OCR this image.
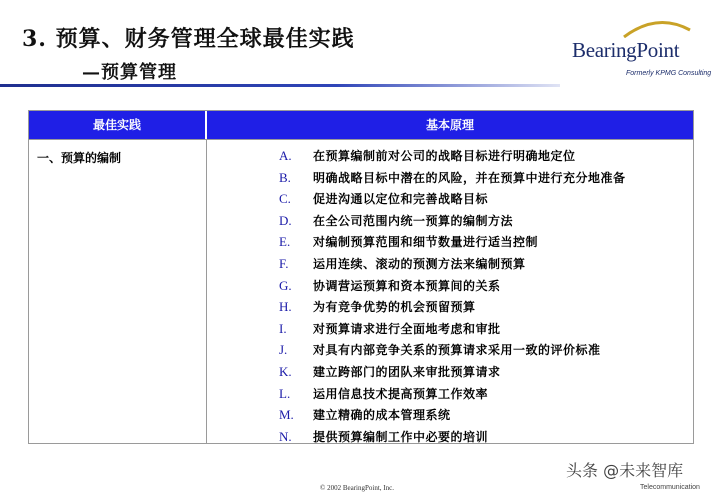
3. 预算、财务管理全球最佳实践
—预算管理
BearingPoint
Formerly KPMG Consulting
最佳实践	基本原理
一、预算的编制	A. 在预算编制前对公司的战略目标进行明确地定位
B. 明确战略目标中潜在的风险，并在预算中进行充分地准备
C. 促进沟通以定位和完善战略目标
D. 在全公司范围内统一预算的编制方法
E. 对编制预算范围和细节数量进行适当控制
F. 运用连续、滚动的预测方法来编制预算
G. 协调营运预算和资本预算间的关系
H. 为有竞争优势的机会预留预算
I. 对预算请求进行全面地考虑和审批
J. 对具有内部竞争关系的预算请求采用一致的评价标准
K. 建立跨部门的团队来审批预算请求
L. 运用信息技术提高预算工作效率
M. 建立精确的成本管理系统
N. 提供预算编制工作中必要的培训
© 2002 BearingPoint, Inc.
头条 @未来智库
Telecommunication
